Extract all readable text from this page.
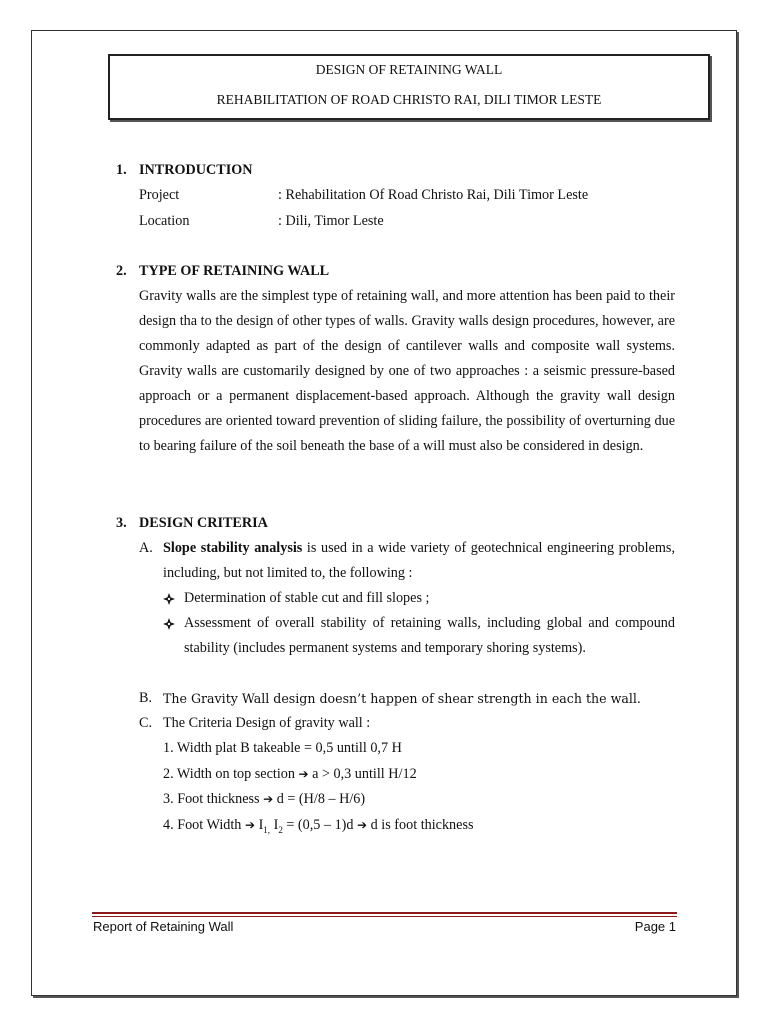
DESIGN OF RETAINING WALL
REHABILITATION OF ROAD CHRISTO RAI, DILI TIMOR LESTE
1. INTRODUCTION
Project	: Rehabilitation Of Road Christo Rai, Dili Timor Leste
Location	: Dili, Timor Leste
2. TYPE OF RETAINING WALL
Gravity walls are the simplest type of retaining wall, and more attention has been paid to their design tha to the design of other types of walls. Gravity walls design procedures, however, are commonly adapted as part of the design of cantilever walls and composite wall systems. Gravity walls are customarily designed by one of two approaches : a seismic pressure-based approach or a permanent displacement-based approach. Although the gravity wall design procedures are oriented toward prevention of sliding failure, the possibility of overturning due to bearing failure of the soil beneath the base of a will must also be considered in design.
3. DESIGN CRITERIA
A. Slope stability analysis is used in a wide variety of geotechnical engineering problems, including, but not limited to, the following :
Determination of stable cut and fill slopes ;
Assessment of overall stability of retaining walls, including global and compound stability (includes permanent systems and temporary shoring systems).
B. The Gravity Wall design doesn’t happen of shear strength in each the wall.
C. The Criteria Design of gravity wall :
1. Width plat B takeable = 0,5 untill 0,7 H
2. Width on top section ➔ a > 0,3 untill H/12
3. Foot thickness ➔ d = (H/8 – H/6)
4. Foot Width ➔ $I_{1,}$ $I_2 = (0,5 - 1)d$ ➔ d is foot thickness
Report of Retaining Wall	Page 1
